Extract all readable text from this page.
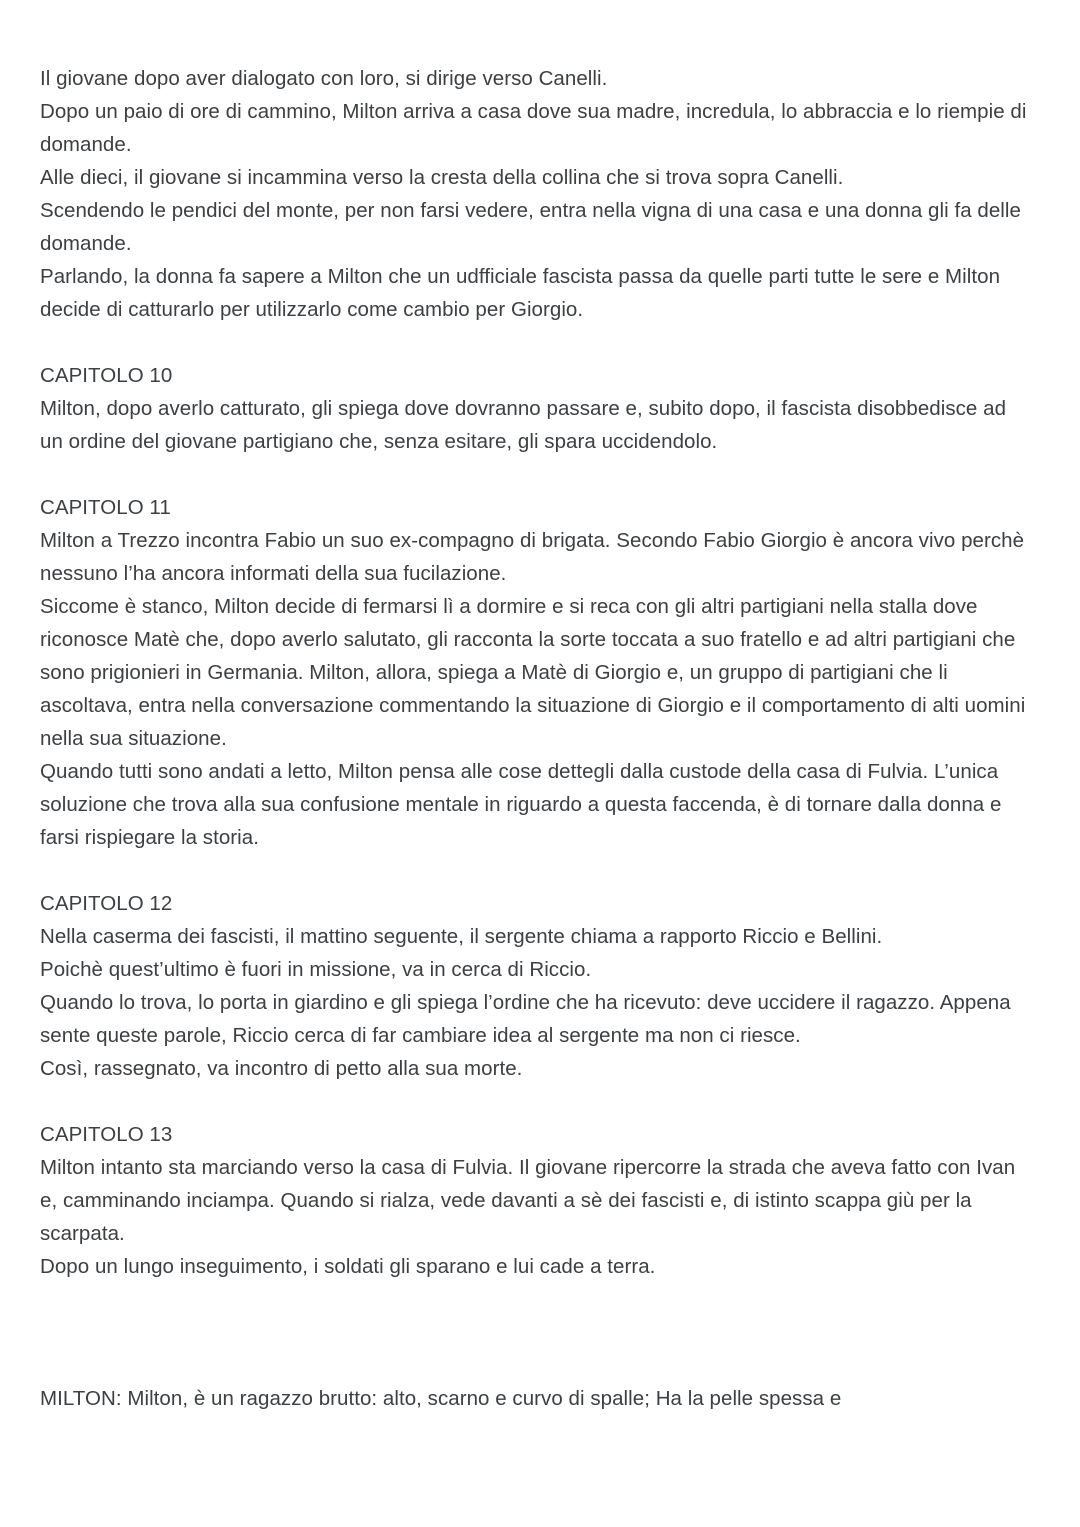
Il giovane dopo aver dialogato con loro, si dirige verso Canelli.
Dopo un paio di ore di cammino, Milton arriva a casa dove sua madre, incredula, lo abbraccia e lo riempie di domande.
Alle dieci, il giovane si incammina verso la cresta della collina che si trova sopra Canelli.
Scendendo le pendici del monte, per non farsi vedere, entra nella vigna di una casa e una donna gli fa delle domande.
Parlando, la donna fa sapere a Milton che un udfficiale fascista passa da quelle parti tutte le sere e Milton decide di catturarlo per utilizzarlo come cambio per Giorgio.
CAPITOLO 10
Milton, dopo averlo catturato, gli spiega dove dovranno passare e, subito dopo, il fascista disobbedisce ad un ordine del giovane partigiano che, senza esitare, gli spara uccidendolo.
CAPITOLO 11
Milton a Trezzo incontra Fabio un suo ex-compagno di brigata. Secondo Fabio Giorgio è ancora vivo perchè nessuno l’ha ancora informati della sua fucilazione.
Siccome è stanco, Milton decide di fermarsi lì a dormire e si reca con gli altri partigiani nella stalla dove riconosce Matè che, dopo averlo salutato, gli racconta la sorte toccata a suo fratello e ad altri partigiani che sono prigionieri in Germania. Milton, allora, spiega a Matè di Giorgio e, un gruppo di partigiani che li ascoltava, entra nella conversazione commentando la situazione di Giorgio e il comportamento di alti uomini nella sua situazione.
Quando tutti sono andati a letto, Milton pensa alle cose dettegli dalla custode della casa di Fulvia. L’unica soluzione che trova alla sua confusione mentale in riguardo a questa faccenda, è di tornare dalla donna e farsi rispiegare la storia.
CAPITOLO 12
Nella caserma dei fascisti, il mattino seguente, il sergente chiama a rapporto Riccio e Bellini.
Poichè quest’ultimo è fuori in missione, va in cerca di Riccio.
Quando lo trova, lo porta in giardino e gli spiega l’ordine che ha ricevuto: deve uccidere il ragazzo. Appena sente queste parole, Riccio cerca di far cambiare idea al sergente ma non ci riesce.
Così, rassegnato, va incontro di petto alla sua morte.
CAPITOLO 13
Milton intanto sta marciando verso la casa di Fulvia. Il giovane ripercorre la strada che aveva fatto con Ivan e, camminando inciampa. Quando si rialza, vede davanti a sè dei fascisti e, di istinto scappa giù per la scarpata.
Dopo un lungo inseguimento, i soldati gli sparano e lui cade a terra.
MILTON: Milton, è un ragazzo brutto: alto, scarno e curvo di spalle; Ha la pelle spessa e
